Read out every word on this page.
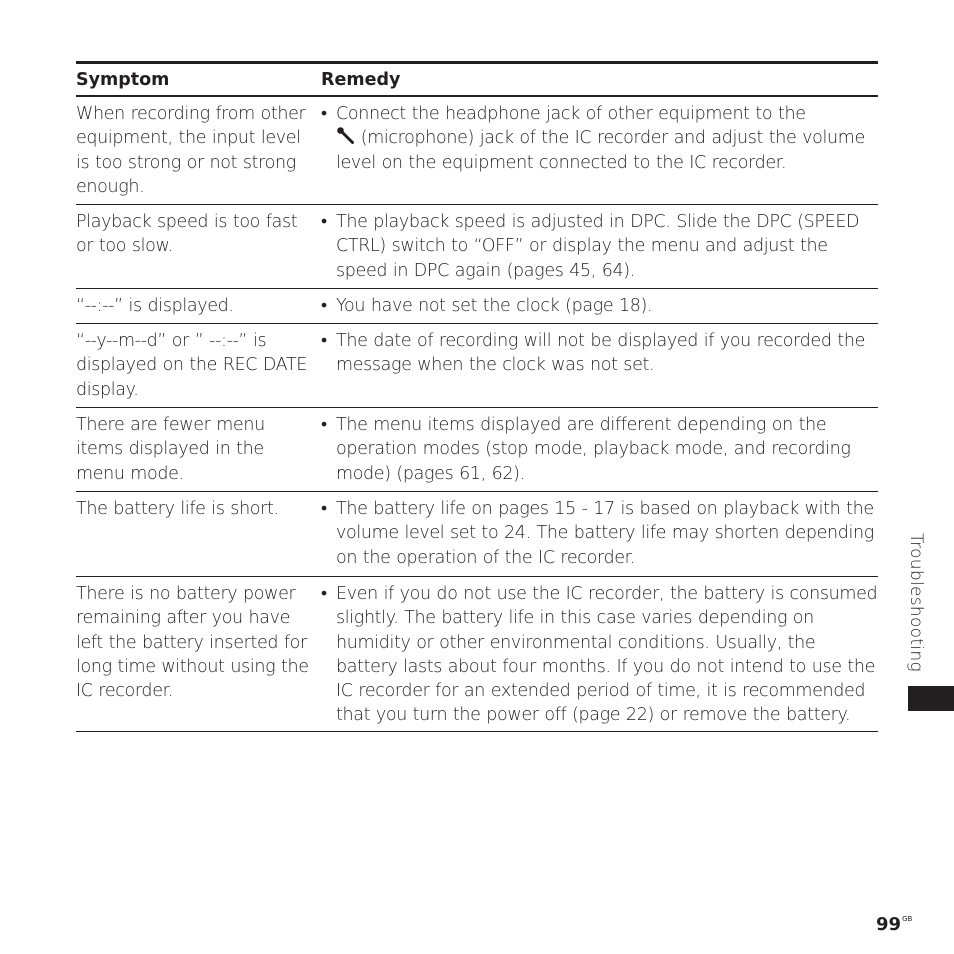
Symptom	Remedy
When recording from other equipment, the input level is too strong or not strong enough.
• Connect the headphone jack of other equipment to the
(microphone) jack of the IC recorder and adjust the volume level on the equipment connected to the IC recorder.
Playback speed is too fast or too slow.
• The playback speed is adjusted in DPC. Slide the DPC (SPEED CTRL) switch to “OFF” or display the menu and adjust the speed in DPC again (pages 45, 64).
“--:--” is displayed.	• You have not set the clock (page 18).
“--y--m--d” or ” --:--” is displayed on the REC DATE display.
• The date of recording will not be displayed if you recorded the message when the clock was not set.
There are fewer menu items displayed in the menu mode.
• The menu items displayed are different depending on the operation modes (stop mode, playback mode, and recording mode) (pages 61, 62).
The battery life is short.	• The battery life on pages 15 - 17 is based on playback with the volume level set to 24. The battery life may shorten depending on the operation of the IC recorder.
There is no battery power remaining after you have left the battery inserted for long time without using the IC recorder.
• Even if you do not use the IC recorder, the battery is consumed slightly. The battery life in this case varies depending on humidity or other environmental conditions. Usually, the battery lasts about four months. If you do not intend to use the IC recorder for an extended period of time, it is recommended that you turn the power off (page 22) or remove the battery.
Troubleshooting
$99^{GB}$
